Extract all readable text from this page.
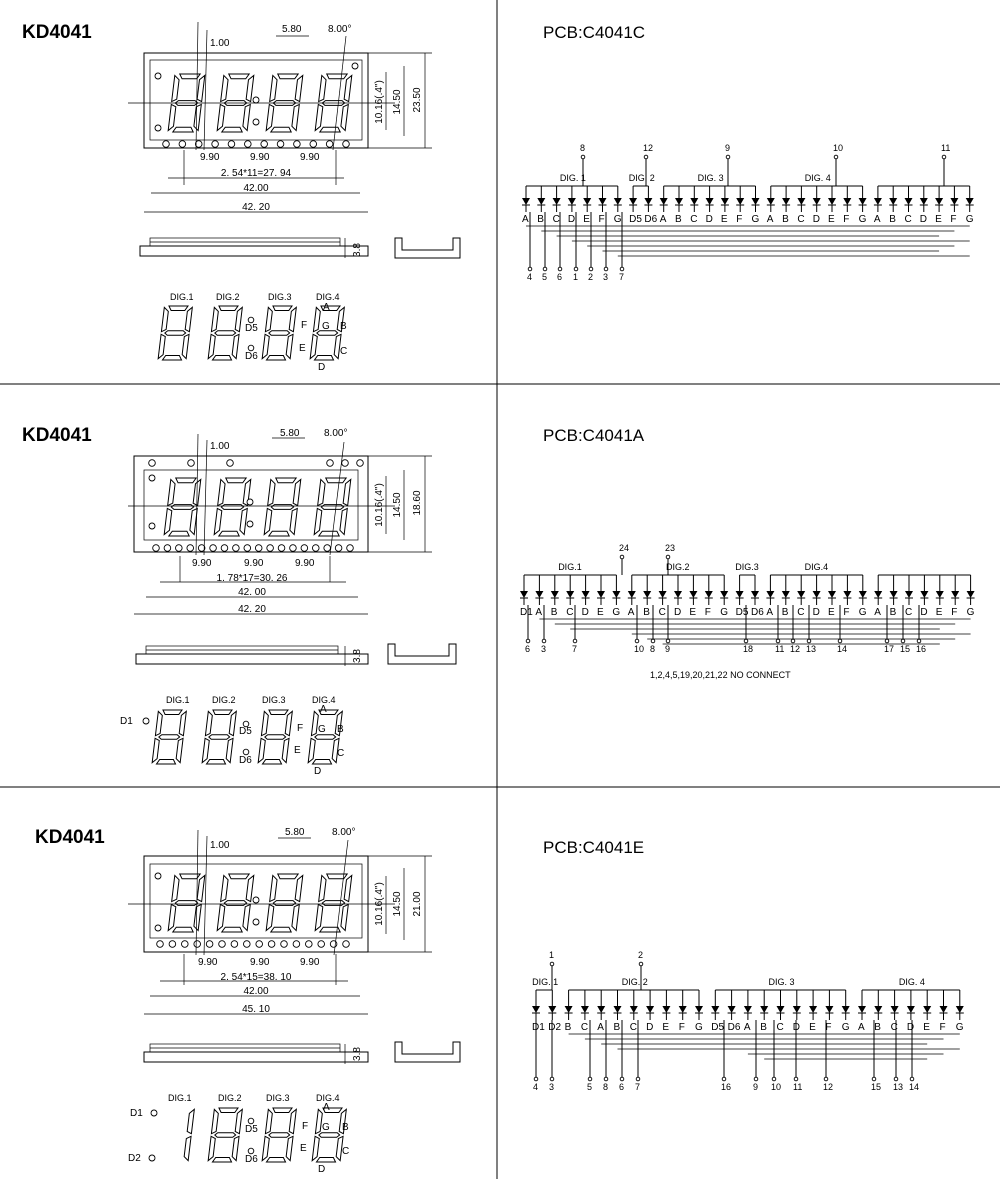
KD4041	PCB:C4041C
23.50
14.50
10.16(.4")
1.00
5.80	8.00°
9.90	9.90	9.90
2. 54*11=27. 94
42.00
42. 20
3.8
DIG.1 DIG.2	DIG.3	DIG.4
A
B
C
D
E
F G
D5
D6
DIG. 1
8
DIG. 2
12
DIG. 3
9
DIG. 4
10	11
A B C D E F G D5 D6 A B C D E F G A B C D E F G A B C D E F G
4 5 6 1 2 3 7
KD4041	PCB:C4041A
18.60
14.50
10.16(.4")
1.00
5.80 8.00°
9.90	9.90	9.90
1. 78*17=30. 26
42. 00
42. 20
3.8
DIG.1 DIG.2	DIG.3	DIG.4
D1
A
B
C
D
E
F G
D5
D6
DIG.1
24
DIG.2
23
DIG.3	DIG.4
D1 A B C D E G A B C D E F G D5 D6 A B C D E F G A B C D E F G
6 3	7	10 8 9	18 11 12 13 14	17 15 16
1,2,4,5,19,20,21,22 NO CONNECT
KD4041	PCB:C4041E
21.00
14.50
10.16(.4")
1.00
5.80	8.00°
9.90	9.90	9.90
2. 54*15=38. 10
42.00
45. 10
3.8
DIG.1	DIG.2	DIG.3	DIG.4
D1
D2
A
B
C
D
E
F G
D5
D6
DIG. 1
1
DIG. 2
2
DIG. 3	DIG. 4
D1 D2 B C A B C D E F G D5 D6 A B C D E F G A B C D E F G
4 3	5 8 6 7	16 9 10 11 12	15 13 14
